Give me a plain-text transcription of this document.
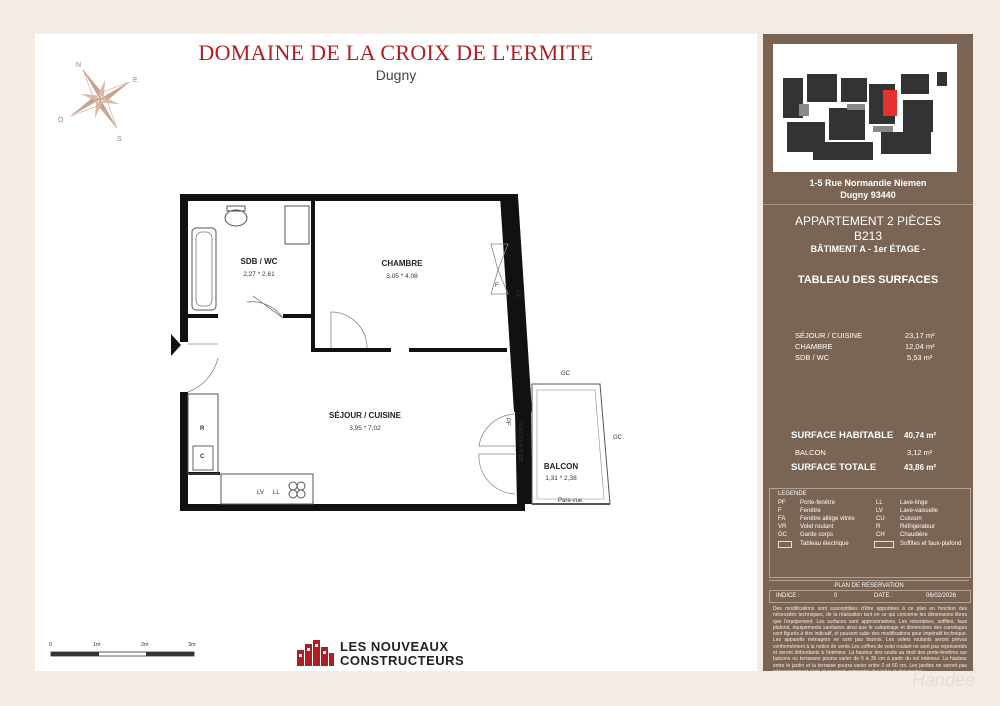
DOMAINE DE LA CROIX DE L'ERMITE
Dugny
N
E
S
O
SDB / WC
2,27 * 2,61
CHAMBRE
3,05 * 4,08
SÉJOUR / CUISINE
3,95 * 7,02
BALCON
1,31 * 2,38
F
GC
GC
GC
PF SEUIL MAX 20CM
Pare-vue
R
C
LV LL
0	1m	2m	3m	LES NOUVEAUX
CONSTRUCTEURS
1-5 Rue Normandie Niemen
Dugny 93440
APPARTEMENT 2 PIÈCES
B213
BÂTIMENT A - 1er ÉTAGE -
TABLEAU DES SURFACES
SÉJOUR / CUISINE	23,17 m²
CHAMBRE	12,04 m²
SDB / WC	5,53 m²
SURFACE HABITABLE 40,74 m²
BALCON	3,12 m²
SURFACE TOTALE	43,86 m²
LEGENDE
PF Porte-fenêtre
F	Fenêtre
FA Fenêtre allège vitrée
VR Volet roulant
GC Garde corps
LL	Lave-linge
LV	Lave-vaisselle
CU	Cuisson
R	Réfrigérateur
CH	Chaudière
Tableau électrique	Soffites et faux-plafond
PLAN DE RESERVATION
INDICE :	0	DATE :	06/02/2026
Des modifications sont susceptibles d'être apportées à ce plan en fonction des nécessités techniques, de la réalisation tant en ce qui concerne les dimensions libres que l'équipement. Les surfaces sont approximatives. Les retombées, soffites, faux plafond, équipements sanitaires ainsi que le calepinage et dimensions des carrelages sont figurés à titre indicatif, et peuvent subir des modifications pour impératif technique. Les appareils ménagers ne sont pas fournis. Les volets roulants seront prévus conformément à la notice de vente.Les coffres de volet roulant ne sont pas représentés et seront débordants à l'intérieur. La hauteur des seuils au droit des porte-fenêtres sur balcons ou terrasses pourra varier de 5 à 35 cm à partir du sol intérieur. La hauteur entre le jardin et la terrasse pourra varier entre 0 et 60 cm. Les jardins ne seront pas nécessairement plats et pourront comporter des talus et des pentes.
Handee
